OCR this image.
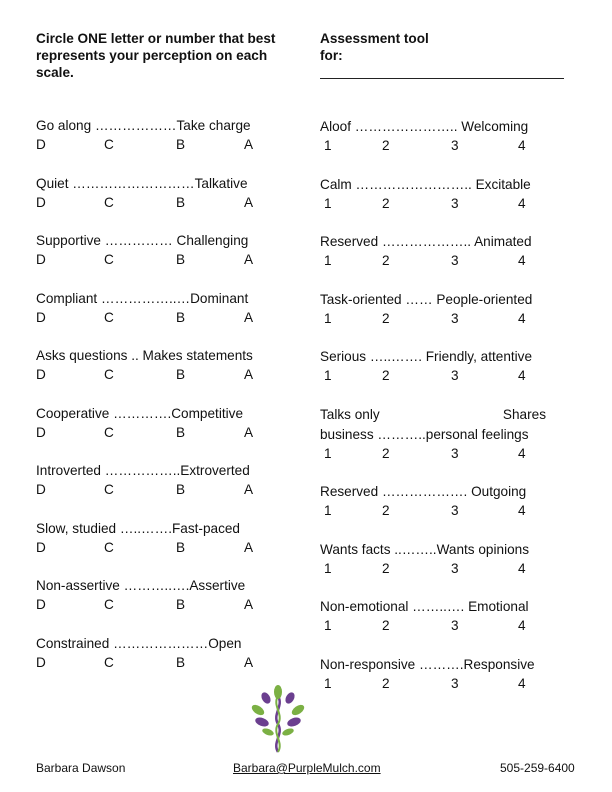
Circle ONE letter or number that best represents your perception on each scale.
Assessment tool for:
Go along ………………Take charge
D	C	B	A
Quiet ………………………Talkative
D	C	B	A
Supportive …………… Challenging
D	C	B	A
Compliant ……………..…Dominant
D	C	B	A
Asks questions .. Makes statements
D	C	B	A
Cooperative ………….Competitive
D	C	B	A
Introverted ……………..Extroverted
D	C	B	A
Slow, studied …..…….Fast-paced
D	C	B	A
Non-assertive ………..….Assertive
D	C	B	A
Constrained …………………Open
D	C	B	A
Aloof ………………….. Welcoming
1	2	3	4
Calm …………………….. Excitable
1	2	3	4
Reserved ……………….. Animated
1	2	3	4
Task-oriented …… People-oriented
1	2	3	4
Serious …..……. Friendly, attentive
1	2	3	4
Talks only	Shares
business ………..personal feelings
1	2	3	4
Reserved ………………. Outgoing
1	2	3	4
Wants facts ..……..Wants opinions
1	2	3	4
Non-emotional ……..…. Emotional
1	2	3	4
Non-responsive ……….Responsive
1	2	3	4
Barbara Dawson	Barbara@PurpleMulch.com	505-259-6400
